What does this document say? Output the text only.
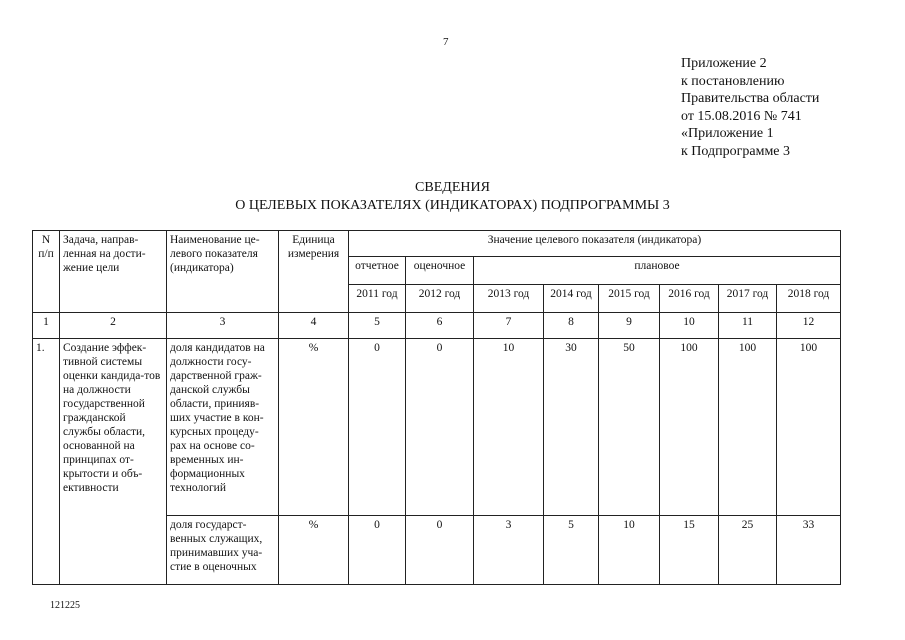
7
Приложение 2
к постановлению
Правительства области
от 15.08.2016 № 741
«Приложение 1
к Подпрограмме 3
СВЕДЕНИЯ
О ЦЕЛЕВЫХ ПОКАЗАТЕЛЯХ (ИНДИКАТОРАХ) ПОДПРОГРАММЫ 3
N п/п	Задача, направ-ленная на дости-жение цели	Наименование це-левого показателя (индикатора)	Единица измерения	Значение целевого показателя (индикатора)							
				отчетное	оценочное	плановое					
				2011 год	2012 год	2013 год	2014 год	2015 год	2016 год	2017 год	2018 год
1	2	3	4	5	6	7	8	9	10	11	12
1.	Создание эффек-тивной системы оценки кандида-тов на должности государственной гражданской службы области, основанной на принципах от-крытости и объ-ективности	доля кандидатов на должности госу-дарственной граж-данской службы области, принияв-ших участие в кон-курсных процеду-рах на основе со-временных ин-формационных технологий	%	0	0	10	30	50	100	100	100
		доля государст-венных служащих, принимавших уча-стие в оценочных	%	0	0	3	5	10	15	25	33
121225
